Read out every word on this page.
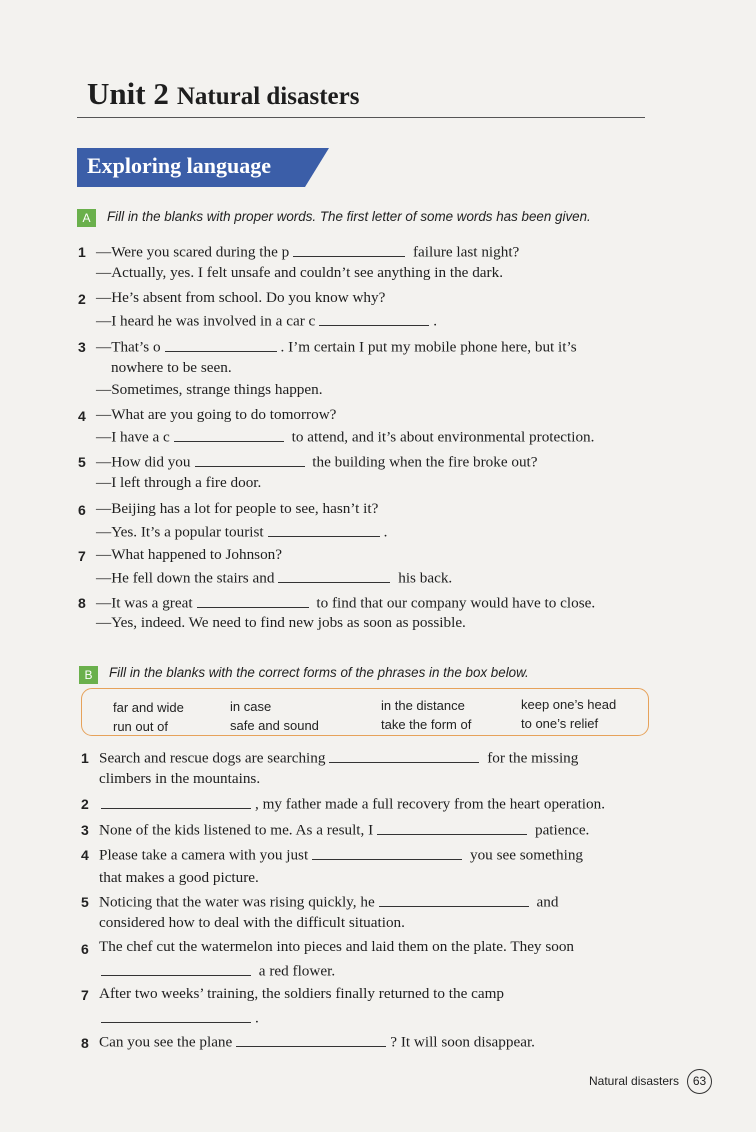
Unit 2 Natural disasters
Exploring language
A	Fill in the blanks with proper words. The first letter of some words has been given.
1 —Were you scared during the p	failure last night?
—Actually, yes. I felt unsafe and couldn’t see anything in the dark.
2 —He’s absent from school. Do you know why?
—I heard he was involved in a car c	.
3 —That’s o	. I’m certain I put my mobile phone here, but it’s
nowhere to be seen.
—Sometimes, strange things happen.
4 —What are you going to do tomorrow?
—I have a c	to attend, and it’s about environmental protection.
5 —How did you	the building when the fire broke out?
—I left through a fire door.
6 —Beijing has a lot for people to see, hasn’t it?
—Yes. It’s a popular tourist	.
7 —What happened to Johnson?
—He fell down the stairs and	his back.
8 —It was a great	to find that our company would have to close.
—Yes, indeed. We need to find new jobs as soon as possible.
B	Fill in the blanks with the correct forms of the phrases in the box below.
far and wide	in case	in the distance	keep one’s head
run out of	safe and sound	take the form of	to one’s relief
1 Search and rescue dogs are searching	for the missing
climbers in the mountains.
2	, my father made a full recovery from the heart operation.
3 None of the kids listened to me. As a result, I	patience.
4 Please take a camera with you just	you see something
that makes a good picture.
5 Noticing that the water was rising quickly, he	and
considered how to deal with the difficult situation.
6 The chef cut the watermelon into pieces and laid them on the plate. They soon
a red flower.
7 After two weeks’ training, the soldiers finally returned to the camp
.
8 Can you see the plane	? It will soon disappear.
Natural disasters	63
